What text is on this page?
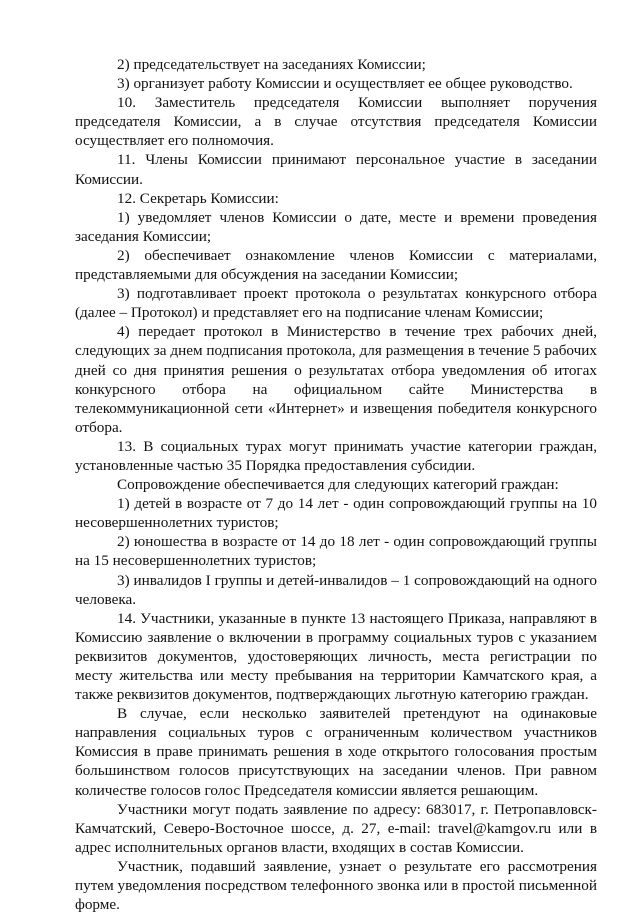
2) председательствует на заседаниях Комиссии;

3) организует работу Комиссии и осуществляет ее общее руководство.

10. Заместитель председателя Комиссии выполняет поручения председателя Комиссии, а в случае отсутствия председателя Комиссии осуществляет его полномочия.

11. Члены Комиссии принимают персональное участие в заседании Комиссии.

12. Секретарь Комиссии:

1) уведомляет членов Комиссии о дате, месте и времени проведения заседания Комиссии;

2) обеспечивает ознакомление членов Комиссии с материалами, представляемыми для обсуждения на заседании Комиссии;

3) подготавливает проект протокола о результатах конкурсного отбора (далее – Протокол) и представляет его на подписание членам Комиссии;

4) передает протокол в Министерство в течение трех рабочих дней, следующих за днем подписания протокола, для размещения в течение 5 рабочих дней со дня принятия решения о результатах отбора уведомления об итогах конкурсного отбора на официальном сайте Министерства в телекоммуникационной сети «Интернет» и извещения победителя конкурсного отбора.

13. В социальных турах могут принимать участие категории граждан, установленные частью 35 Порядка предоставления субсидии.

Сопровождение обеспечивается для следующих категорий граждан:

1) детей в возрасте от 7 до 14 лет - один сопровождающий группы на 10 несовершеннолетних туристов;

2) юношества в возрасте от 14 до 18 лет - один сопровождающий группы на 15 несовершеннолетних туристов;

3) инвалидов I группы и детей-инвалидов – 1 сопровождающий на одного человека.

14. Участники, указанные в пункте 13 настоящего Приказа, направляют в Комиссию заявление о включении в программу социальных туров с указанием реквизитов документов, удостоверяющих личность, места регистрации по месту жительства или месту пребывания на территории Камчатского края, а также реквизитов документов, подтверждающих льготную категорию граждан.

В случае, если несколько заявителей претендуют на одинаковые направления социальных туров с ограниченным количеством участников Комиссия в праве принимать решения в ходе открытого голосования простым большинством голосов присутствующих на заседании членов. При равном количестве голосов голос Председателя комиссии является решающим.

Участники могут подать заявление по адресу: 683017, г. Петропавловск-Камчатский, Северо-Восточное шоссе, д. 27, e-mail: travel@kamgov.ru или в адрес исполнительных органов власти, входящих в состав Комиссии.

Участник, подавший заявление, узнает о результате его рассмотрения путем уведомления посредством телефонного звонка или в простой письменной форме.
